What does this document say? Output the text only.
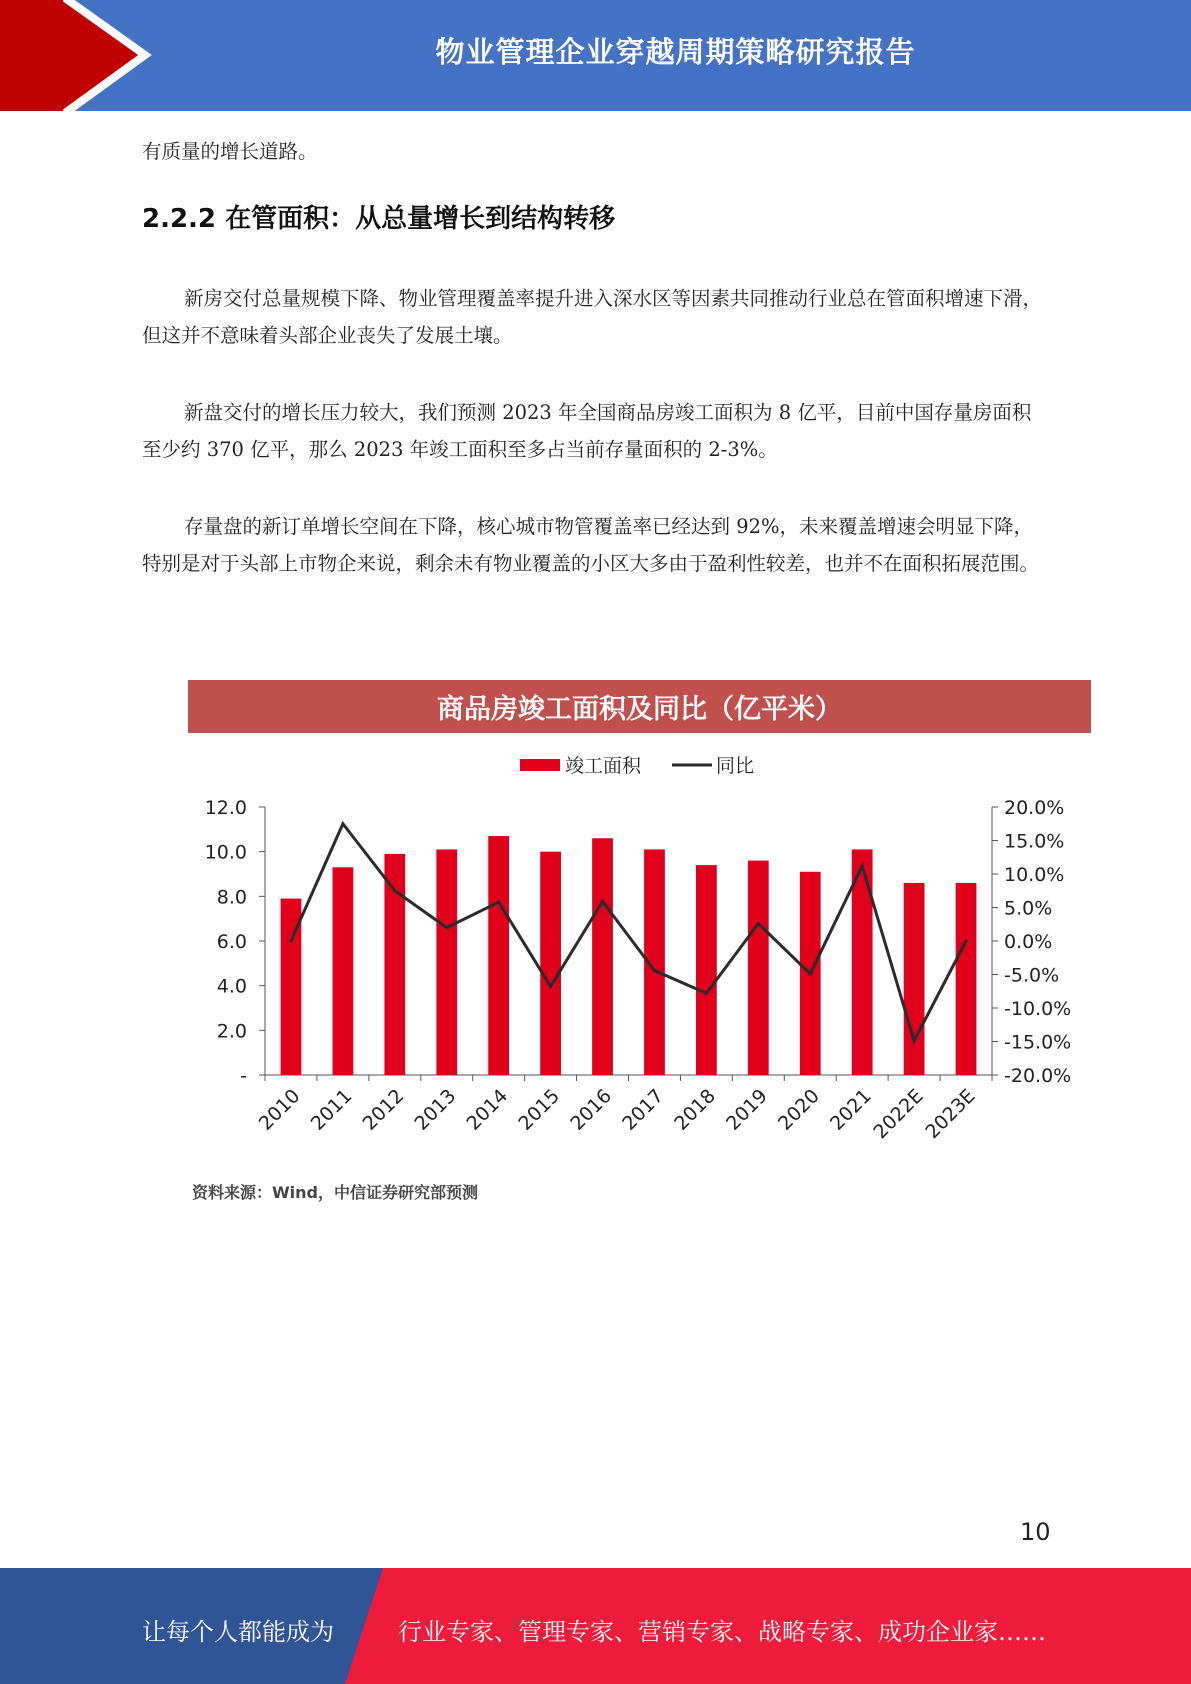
物业管理企业穿越周期策略研究报告

有质量的增长道路。

2.2.2 在管面积：从总量增长到结构转移

新房交付总量规模下降、物业管理覆盖率提升进入深水区等因素共同推动行业总在管面积增速下滑，但这并不意味着头部企业丧失了发展土壤。

新盘交付的增长压力较大，我们预测 2023 年全国商品房竣工面积为 8 亿平，目前中国存量房面积至少约 370 亿平，那么 2023 年竣工面积至多占当前存量面积的 2-3%。

存量盘的新订单增长空间在下降，核心城市物管覆盖率已经达到 92%，未来覆盖增速会明显下降，特别是对于头部上市物企来说，剩余未有物业覆盖的小区大多由于盈利性较差，也并不在面积拓展范围。

商品房竣工面积及同比（亿平米）
竣工面积	同比
-
2.0
4.0
6.0
8.0
10.0
12.0
-20.0%
-15.0%
-10.0%
-5.0%
0.0%
5.0%
10.0%
15.0%
20.0%
2010 2011 2012 2013 2014 2015 2016 2017 2018 2019 2020 2021
2022E
2023E
资料来源：Wind，中信证券研究部预测
10
让每个人都能成为	行业专家、管理专家、营销专家、战略专家、成功企业家……
